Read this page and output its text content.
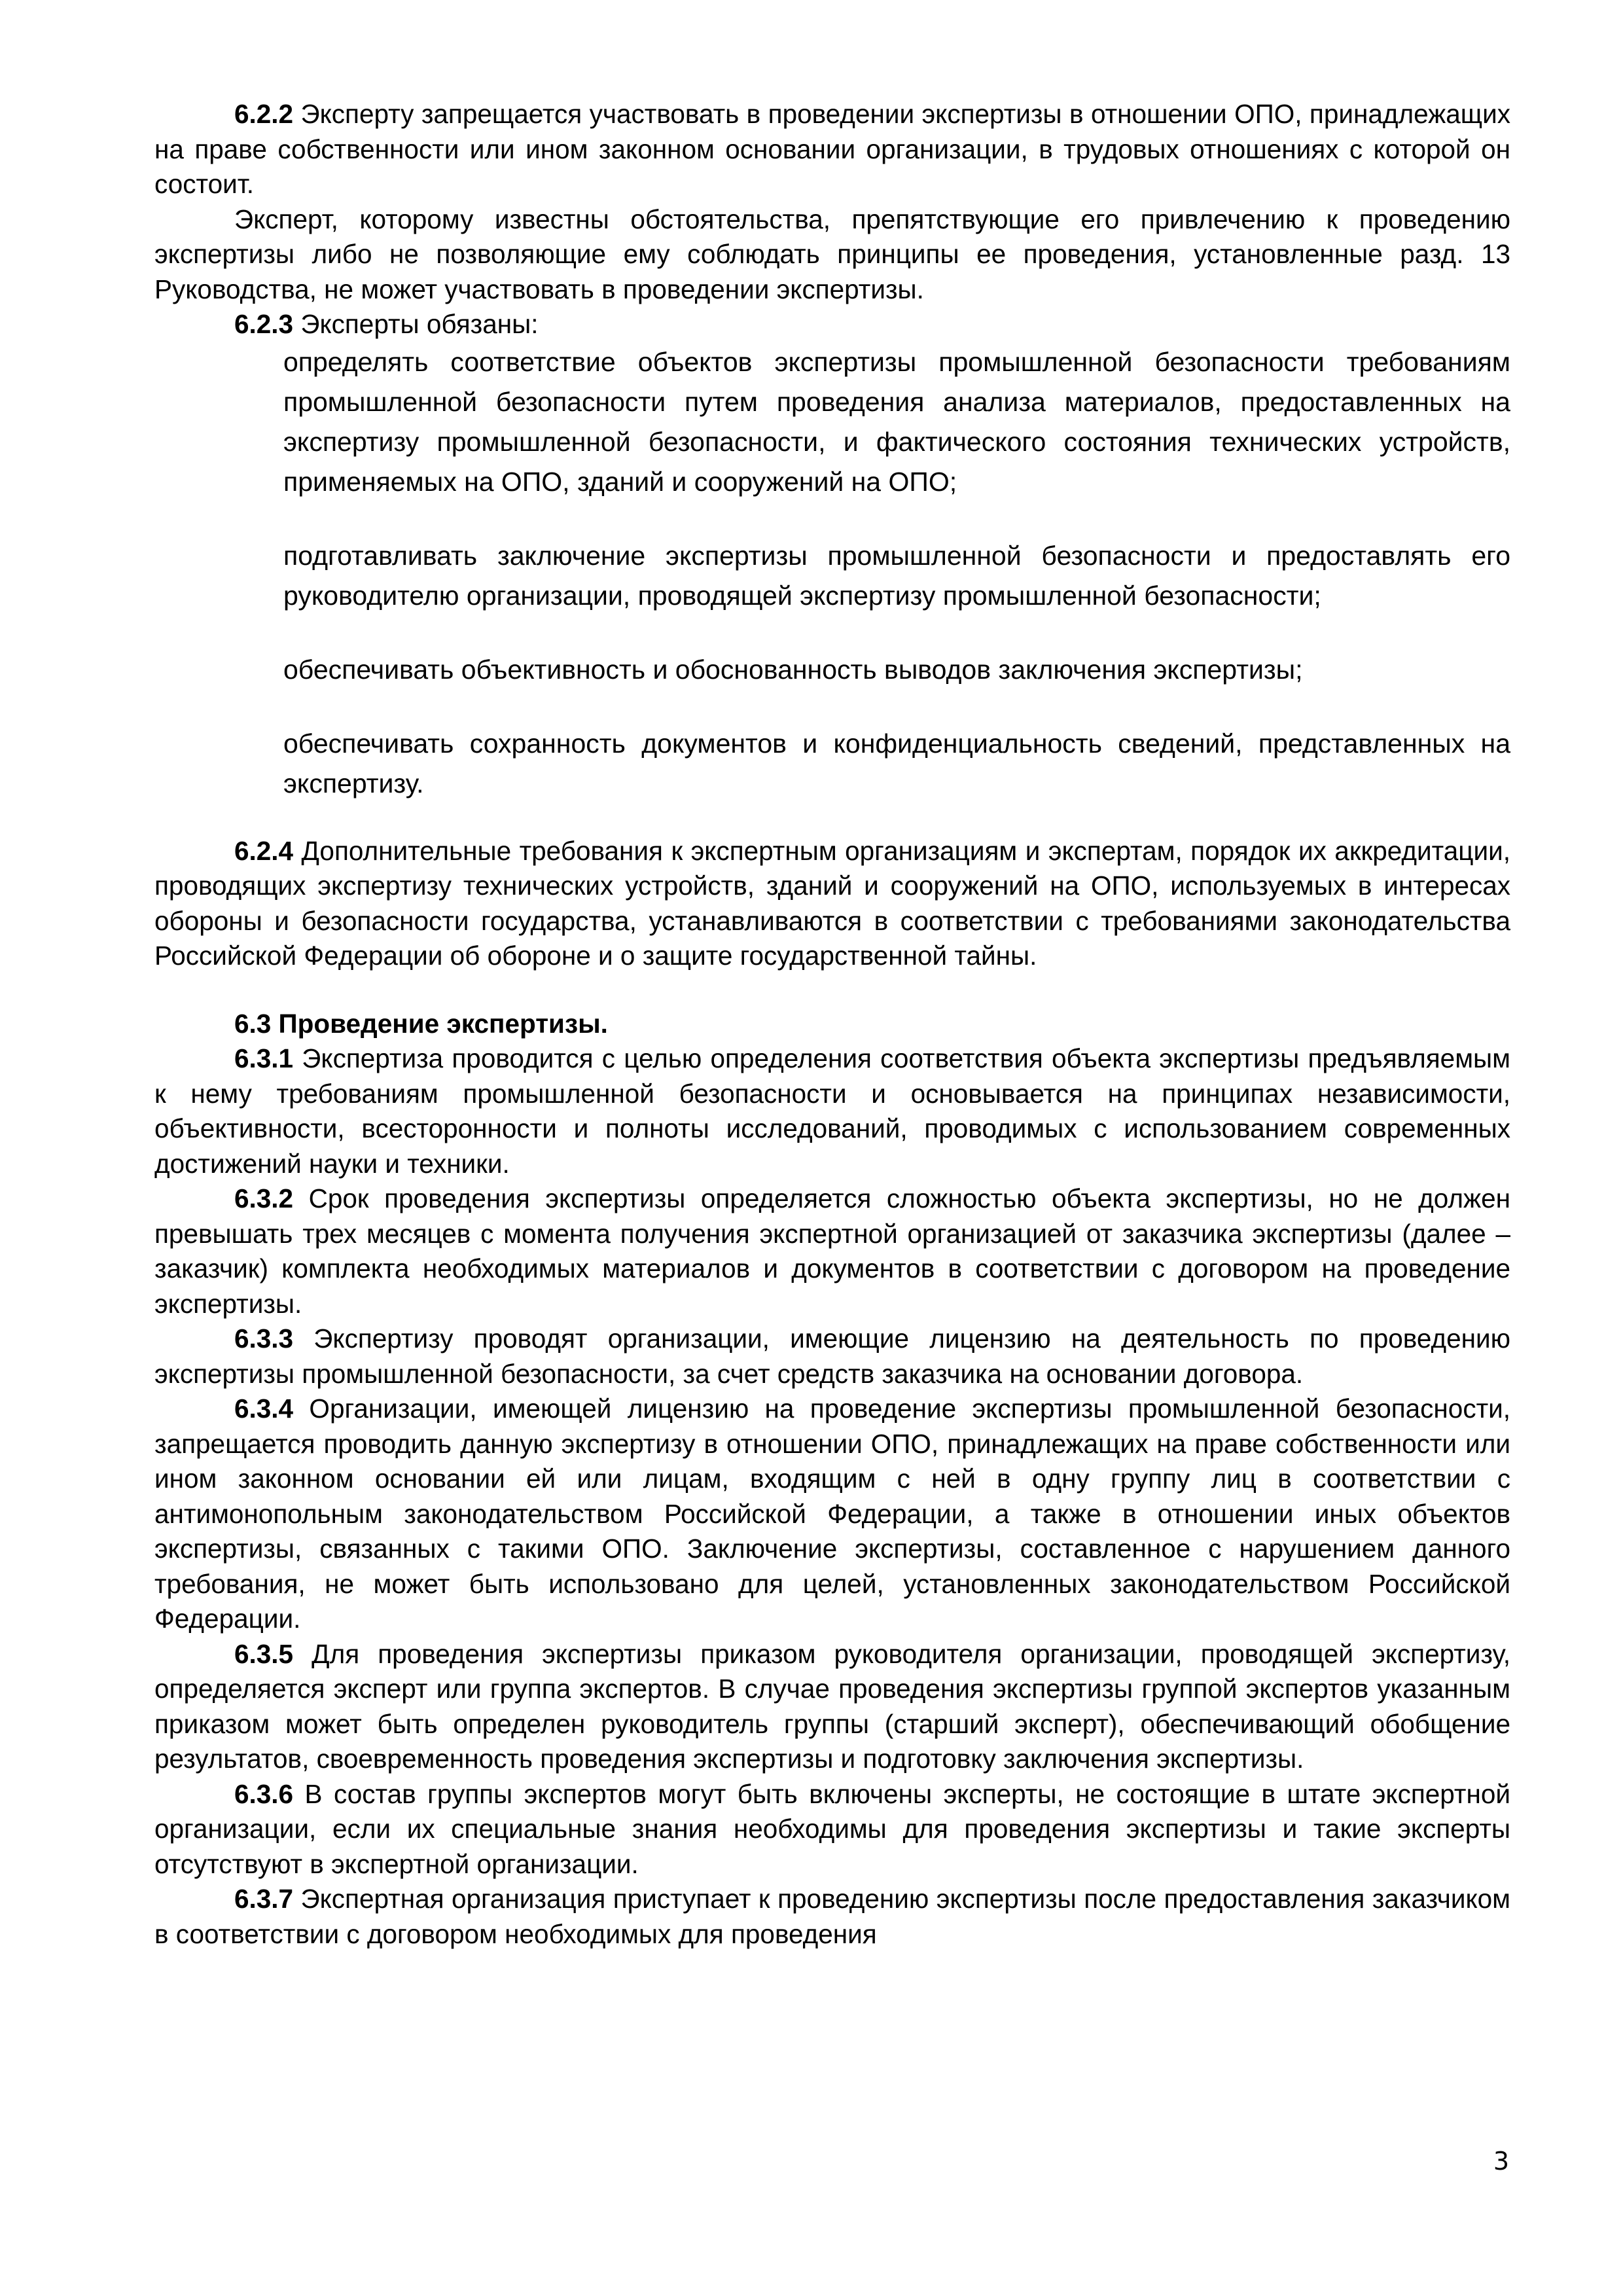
6.2.2 Эксперту запрещается участвовать в проведении экспертизы в отношении ОПО, принадлежащих на праве собственности или ином законном основании организации, в трудовых отношениях с которой он состоит.

Эксперт, которому известны обстоятельства, препятствующие его привлечению к проведению экспертизы либо не позволяющие ему соблюдать принципы ее проведения, установленные разд. 13 Руководства, не может участвовать в проведении экспертизы.

6.2.3 Эксперты обязаны:

определять соответствие объектов экспертизы промышленной безопасности требованиям промышленной безопасности путем проведения анализа материалов, предоставленных на экспертизу промышленной безопасности, и фактического состояния технических устройств, применяемых на ОПО, зданий и сооружений на ОПО;
подготавливать заключение экспертизы промышленной безопасности и предоставлять его руководителю организации, проводящей экспертизу промышленной безопасности;
обеспечивать объективность и обоснованность выводов заключения экспертизы;
обеспечивать сохранность документов и конфиденциальность сведений, представленных на экспертизу.

6.2.4 Дополнительные требования к экспертным организациям и экспертам, порядок их аккредитации, проводящих экспертизу технических устройств, зданий и сооружений на ОПО, используемых в интересах обороны и безопасности государства, устанавливаются в соответствии с требованиями законодательства Российской Федерации об обороне и о защите государственной тайны.

6.3 Проведение экспертизы.

6.3.1 Экспертиза проводится с целью определения соответствия объекта экспертизы предъявляемым к нему требованиям промышленной безопасности и основывается на принципах независимости, объективности, всесторонности и полноты исследований, проводимых с использованием современных достижений науки и техники.

6.3.2 Срок проведения экспертизы определяется сложностью объекта экспертизы, но не должен превышать трех месяцев с момента получения экспертной организацией от заказчика экспертизы (далее – заказчик) комплекта необходимых материалов и документов в соответствии с договором на проведение экспертизы.

6.3.3 Экспертизу проводят организации, имеющие лицензию на деятельность по проведению экспертизы промышленной безопасности, за счет средств заказчика на основании договора.

6.3.4 Организации, имеющей лицензию на проведение экспертизы промышленной безопасности, запрещается проводить данную экспертизу в отношении ОПО, принадлежащих на праве собственности или ином законном основании ей или лицам, входящим с ней в одну группу лиц в соответствии с антимонопольным законодательством Российской Федерации, а также в отношении иных объектов экспертизы, связанных с такими ОПО. Заключение экспертизы, составленное с нарушением данного требования, не может быть использовано для целей, установленных законодательством Российской Федерации.

6.3.5 Для проведения экспертизы приказом руководителя организации, проводящей экспертизу, определяется эксперт или группа экспертов. В случае проведения экспертизы группой экспертов указанным приказом может быть определен руководитель группы (старший эксперт), обеспечивающий обобщение результатов, своевременность проведения экспертизы и подготовку заключения экспертизы.

6.3.6 В состав группы экспертов могут быть включены эксперты, не состоящие в штате экспертной организации, если их специальные знания необходимы для проведения экспертизы и такие эксперты отсутствуют в экспертной организации.

6.3.7 Экспертная организация приступает к проведению экспертизы после предоставления заказчиком в соответствии с договором необходимых для проведения

3
